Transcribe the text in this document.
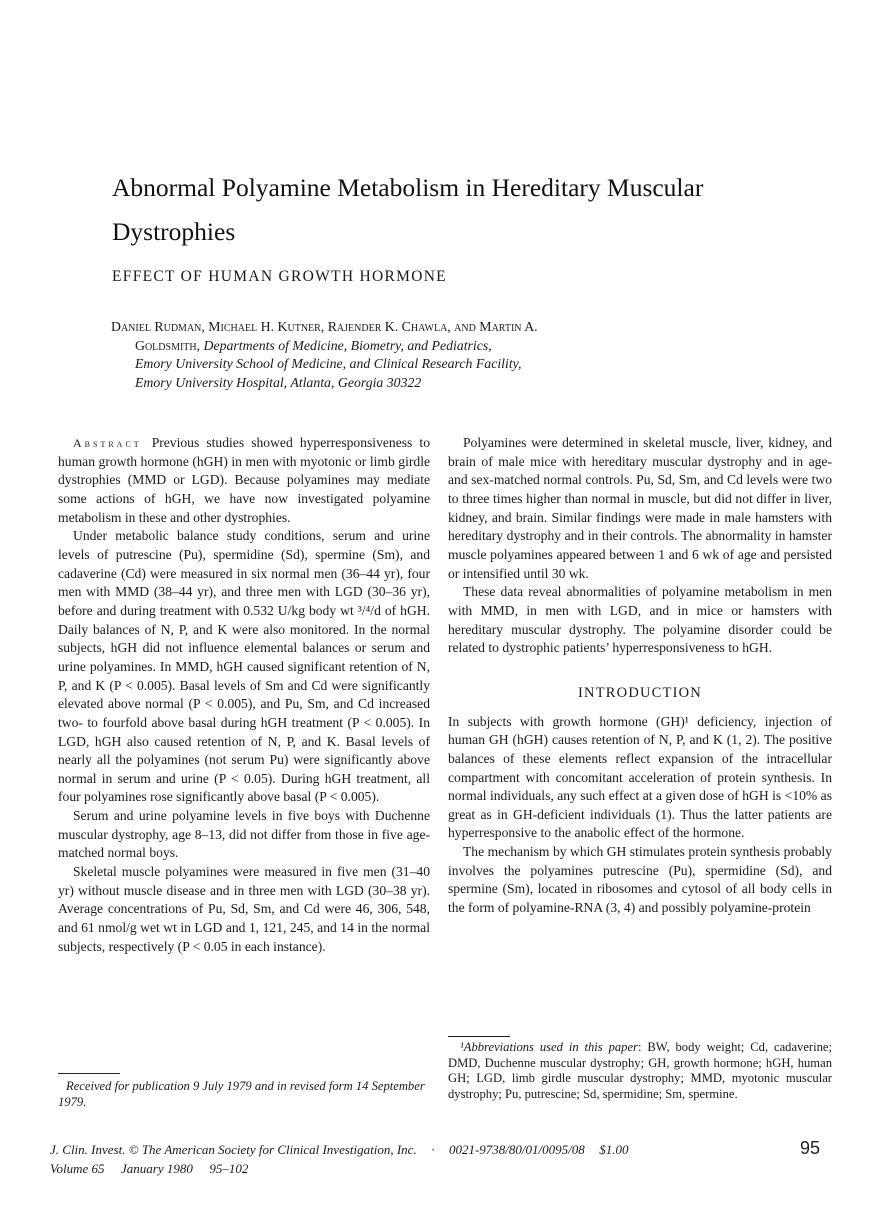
Abnormal Polyamine Metabolism in Hereditary Muscular Dystrophies
EFFECT OF HUMAN GROWTH HORMONE
Daniel Rudman, Michael H. Kutner, Rajender K. Chawla, and Martin A.
Goldsmith, Departments of Medicine, Biometry, and Pediatrics,
Emory University School of Medicine, and Clinical Research Facility,
Emory University Hospital, Atlanta, Georgia 30322

Abstract Previous studies showed hyperresponsiveness to human growth hormone (hGH) in men with myotonic or limb girdle dystrophies (MMD or LGD). Because polyamines may mediate some actions of hGH, we have now investigated polyamine metabolism in these and other dystrophies.

Under metabolic balance study conditions, serum and urine levels of putrescine (Pu), spermidine (Sd), spermine (Sm), and cadaverine (Cd) were measured in six normal men (36–44 yr), four men with MMD (38–44 yr), and three men with LGD (30–36 yr), before and during treatment with 0.532 U/kg body wt ³/⁴/d of hGH. Daily balances of N, P, and K were also monitored. In the normal subjects, hGH did not influence elemental balances or serum and urine polyamines. In MMD, hGH caused significant retention of N, P, and K (P < 0.005). Basal levels of Sm and Cd were significantly elevated above normal (P < 0.005), and Pu, Sm, and Cd increased two- to fourfold above basal during hGH treatment (P < 0.005). In LGD, hGH also caused retention of N, P, and K. Basal levels of nearly all the polyamines (not serum Pu) were significantly above normal in serum and urine (P < 0.05). During hGH treatment, all four polyamines rose significantly above basal (P < 0.005).

Serum and urine polyamine levels in five boys with Duchenne muscular dystrophy, age 8–13, did not differ from those in five age-matched normal boys.

Skeletal muscle polyamines were measured in five men (31–40 yr) without muscle disease and in three men with LGD (30–38 yr). Average concentrations of Pu, Sd, Sm, and Cd were 46, 306, 548, and 61 nmol/g wet wt in LGD and 1, 121, 245, and 14 in the normal subjects, respectively (P < 0.05 in each instance).

Polyamines were determined in skeletal muscle, liver, kidney, and brain of male mice with hereditary muscular dystrophy and in age- and sex-matched normal controls. Pu, Sd, Sm, and Cd levels were two to three times higher than normal in muscle, but did not differ in liver, kidney, and brain. Similar findings were made in male hamsters with hereditary dystrophy and in their controls. The abnormality in hamster muscle polyamines appeared between 1 and 6 wk of age and persisted or intensified until 30 wk.

These data reveal abnormalities of polyamine metabolism in men with MMD, in men with LGD, and in mice or hamsters with hereditary muscular dystrophy. The polyamine disorder could be related to dystrophic patients’ hyperresponsiveness to hGH.

INTRODUCTION

In subjects with growth hormone (GH)¹ deficiency, injection of human GH (hGH) causes retention of N, P, and K (1, 2). The positive balances of these elements reflect expansion of the intracellular compartment with concomitant acceleration of protein synthesis. In normal individuals, any such effect at a given dose of hGH is <10% as great as in GH-deficient individuals (1). Thus the latter patients are hyperresponsive to the anabolic effect of the hormone.

The mechanism by which GH stimulates protein synthesis probably involves the polyamines putrescine (Pu), spermidine (Sd), and spermine (Sm), located in ribosomes and cytosol of all body cells in the form of polyamine-RNA (3, 4) and possibly polyamine-protein

Received for publication 9 July 1979 and in revised form 14 September 1979.
¹Abbreviations used in this paper: BW, body weight; Cd, cadaverine; DMD, Duchenne muscular dystrophy; GH, growth hormone; hGH, human GH; LGD, limb girdle muscular dystrophy; MMD, myotonic muscular dystrophy; Pu, putrescine; Sd, spermidine; Sm, spermine.
J. Clin. Invest. © The American Society for Clinical Investigation, Inc. · 0021-9738/80/01/0095/08 $1.00
Volume 65 January 1980 95–102
95
